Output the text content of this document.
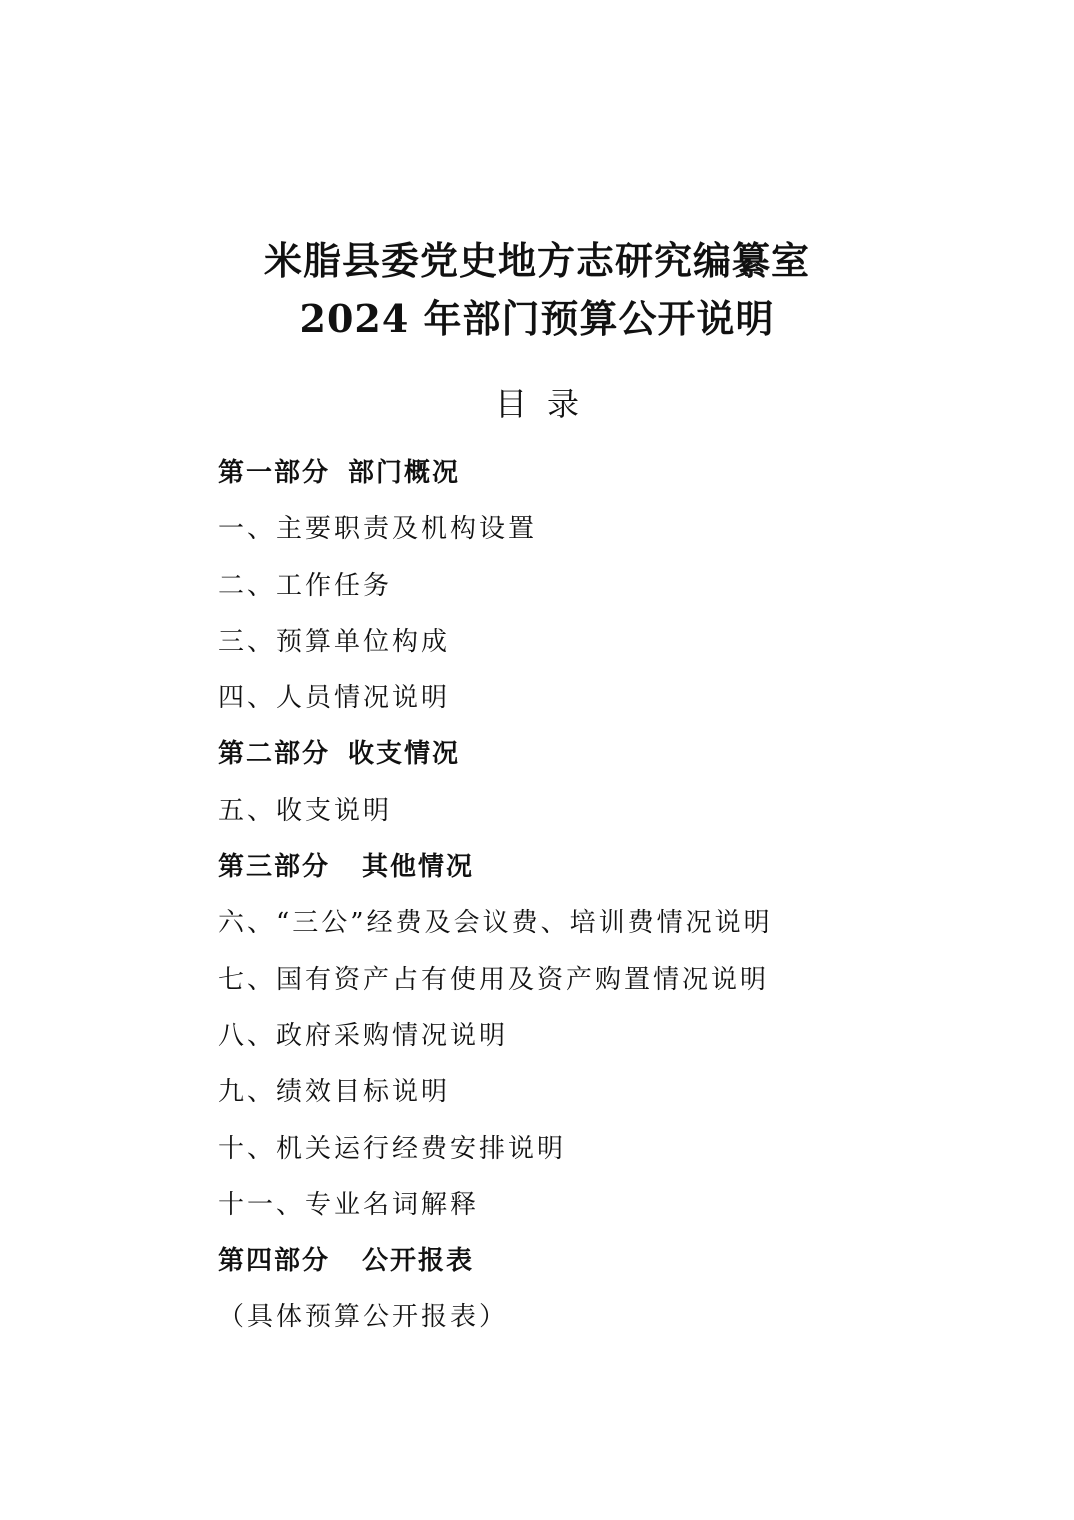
米脂县委党史地方志研究编纂室
2024 年部门预算公开说明
目录
第一部分 部门概况
一、主要职责及机构设置
二、工作任务
三、预算单位构成
四、人员情况说明
第二部分 收支情况
五、收支说明
第三部分 其他情况
六、“三公”经费及会议费、培训费情况说明
七、国有资产占有使用及资产购置情况说明
八、政府采购情况说明
九、绩效目标说明
十、机关运行经费安排说明
十一、专业名词解释
第四部分 公开报表
（具体预算公开报表）
